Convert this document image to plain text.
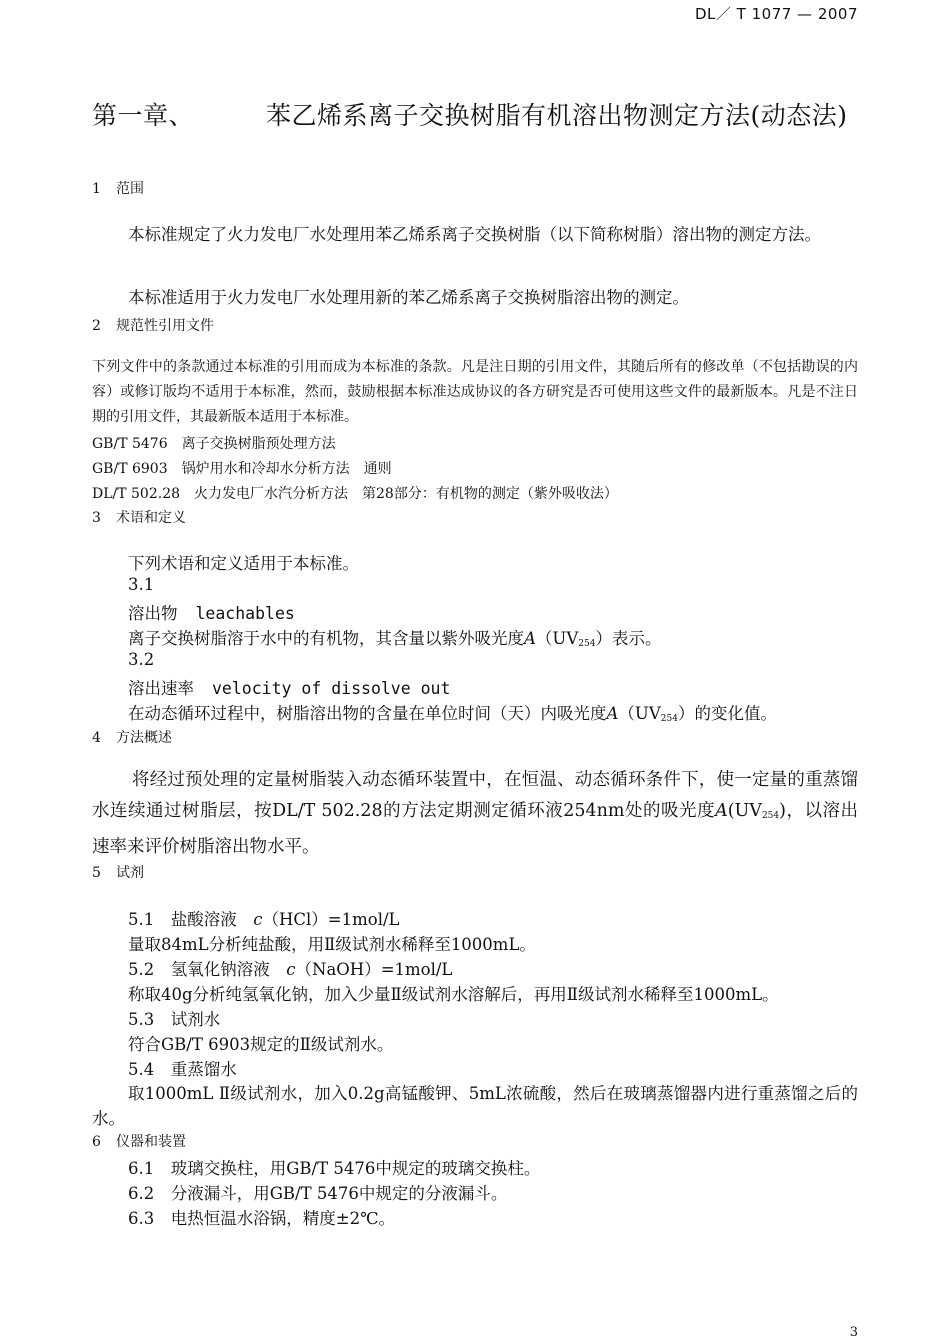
DL／ T 1077 — 2007
第一章、	苯乙烯系离子交换树脂有机溶出物测定方法(动态法)
1 范围
本标准规定了火力发电厂水处理用苯乙烯系离子交换树脂（以下简称树脂）溶出物的测定方法。
本标准适用于火力发电厂水处理用新的苯乙烯系离子交换树脂溶出物的测定。
2 规范性引用文件
下列文件中的条款通过本标准的引用而成为本标准的条款。凡是注日期的引用文件，其随后所有的修改单（不包括勘误的内容）或修订版均不适用于本标准，然而，鼓励根据本标准达成协议的各方研究是否可使用这些文件的最新版本。凡是不注日期的引用文件，其最新版本适用于本标准。
GB/T 5476　离子交换树脂预处理方法
GB/T 6903　锅炉用水和冷却水分析方法　通则
DL/T 502.28　火力发电厂水汽分析方法　第28部分：有机物的测定（紫外吸收法）
3 术语和定义
下列术语和定义适用于本标准。
3.1
溶出物 leachables
离子交换树脂溶于水中的有机物，其含量以紫外吸光度$A(UV_{254})$表示。
3.2
溶出速率 velocity of dissolve out
在动态循环过程中，树脂溶出物的含量在单位时间（天）内吸光度$A(UV_{254})$的变化值。
4 方法概述
将经过预处理的定量树脂装入动态循环装置中，在恒温、动态循环条件下，使一定量的重蒸馏水连续通过树脂层，按DL/T 502.28的方法定期测定循环液254nm处的吸光度$A(UV_{254})$，以溶出速率来评价树脂溶出物水平。
5 试剂
5.1　盐酸溶液　c（HCl）=1mol/L
量取84mL分析纯盐酸，用Ⅱ级试剂水稀释至1000mL。
5.2　氢氧化钠溶液　c（NaOH）=1mol/L
称取40g分析纯氢氧化钠，加入少量Ⅱ级试剂水溶解后，再用Ⅱ级试剂水稀释至1000mL。
5.3　试剂水
符合GB/T 6903规定的Ⅱ级试剂水。
5.4　重蒸馏水
取1000mL Ⅱ级试剂水，加入0.2g高锰酸钾、5mL浓硫酸，然后在玻璃蒸馏器内进行重蒸馏之后的水。
6 仪器和装置
6.1　玻璃交换柱，用GB/T 5476中规定的玻璃交换柱。
6.2　分液漏斗，用GB/T 5476中规定的分液漏斗。
6.3　电热恒温水浴锅，精度±2℃。
3
